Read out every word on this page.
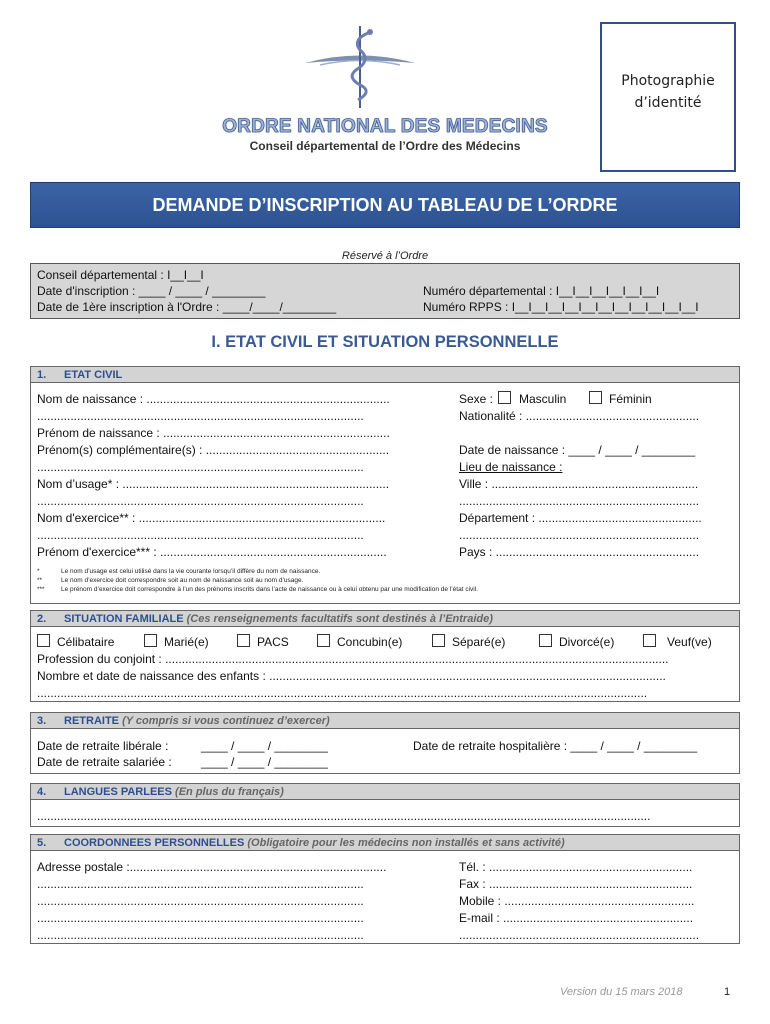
Photographie
d’identité
ORDRE NATIONAL DES MEDECINS
Conseil départemental de l’Ordre des Médecins
DEMANDE D’INSCRIPTION AU TABLEAU DE L’ORDRE
Réservé à l’Ordre
Conseil départemental : I__I__I
Date d'inscription : ____ / ____ / ________
Date de 1ère inscription à l'Ordre : ____/____/________
Numéro départemental : I__I__I__I__I__I__I
Numéro RPPS : I__I__I__I__I__I__I__I__I__I__I__I
I. ETAT CIVIL ET SITUATION PERSONNELLE
1. ETAT CIVIL
Nom de naissance : .........................................................................
..................................................................................................
Prénom de naissance : ....................................................................
Prénom(s) complémentaire(s) : .......................................................
..................................................................................................
Nom d’usage* : ................................................................................
..................................................................................................
Nom d'exercice** : ..........................................................................
..................................................................................................
Prénom d'exercice*** : ....................................................................
Sexe : Masculin	Féminin
Nationalité : ....................................................
Date de naissance : ____ / ____ / ________
Lieu de naissance :
Ville : ..............................................................
........................................................................
Département : .................................................
........................................................................
Pays : .............................................................
*	Le nom d’usage est celui utilisé dans la vie courante lorsqu’il diffère du nom de naissance.
**	Le nom d’exercice doit correspondre soit au nom de naissance soit au nom d’usage.
***	Le prénom d’exercice doit correspondre à l’un des prénoms inscrits dans l’acte de naissance ou à celui obtenu par une modification de l’état civil.
2. SITUATION FAMILIALE (Ces renseignements facultatifs sont destinés à l’Entraide)
Célibataire	Marié(e)	PACS	Concubin(e)	Séparé(e)	Divorcé(e)	Veuf(ve)
Profession du conjoint : .......................................................................................................................................................
Nombre et date de naissance des enfants : .......................................................................................................................
.......................................................................................................................................................................................
3. RETRAITE (Y compris si vous continuez d’exercer)
Date de retraite libérale :	____ / ____ / ________
Date de retraite salariée : ____ / ____ / ________
Date de retraite hospitalière : ____ / ____ / ________
4. LANGUES PARLEES (En plus du français)
........................................................................................................................................................................................
5. COORDONNEES PERSONNELLES (Obligatoire pour les médecins non installés et sans activité)
Adresse postale :.............................................................................
..................................................................................................
..................................................................................................
..................................................................................................
..................................................................................................
Tél. : .............................................................
Fax : .............................................................
Mobile : .........................................................
E-mail : .........................................................
........................................................................
Version du 15 mars 2018	1
